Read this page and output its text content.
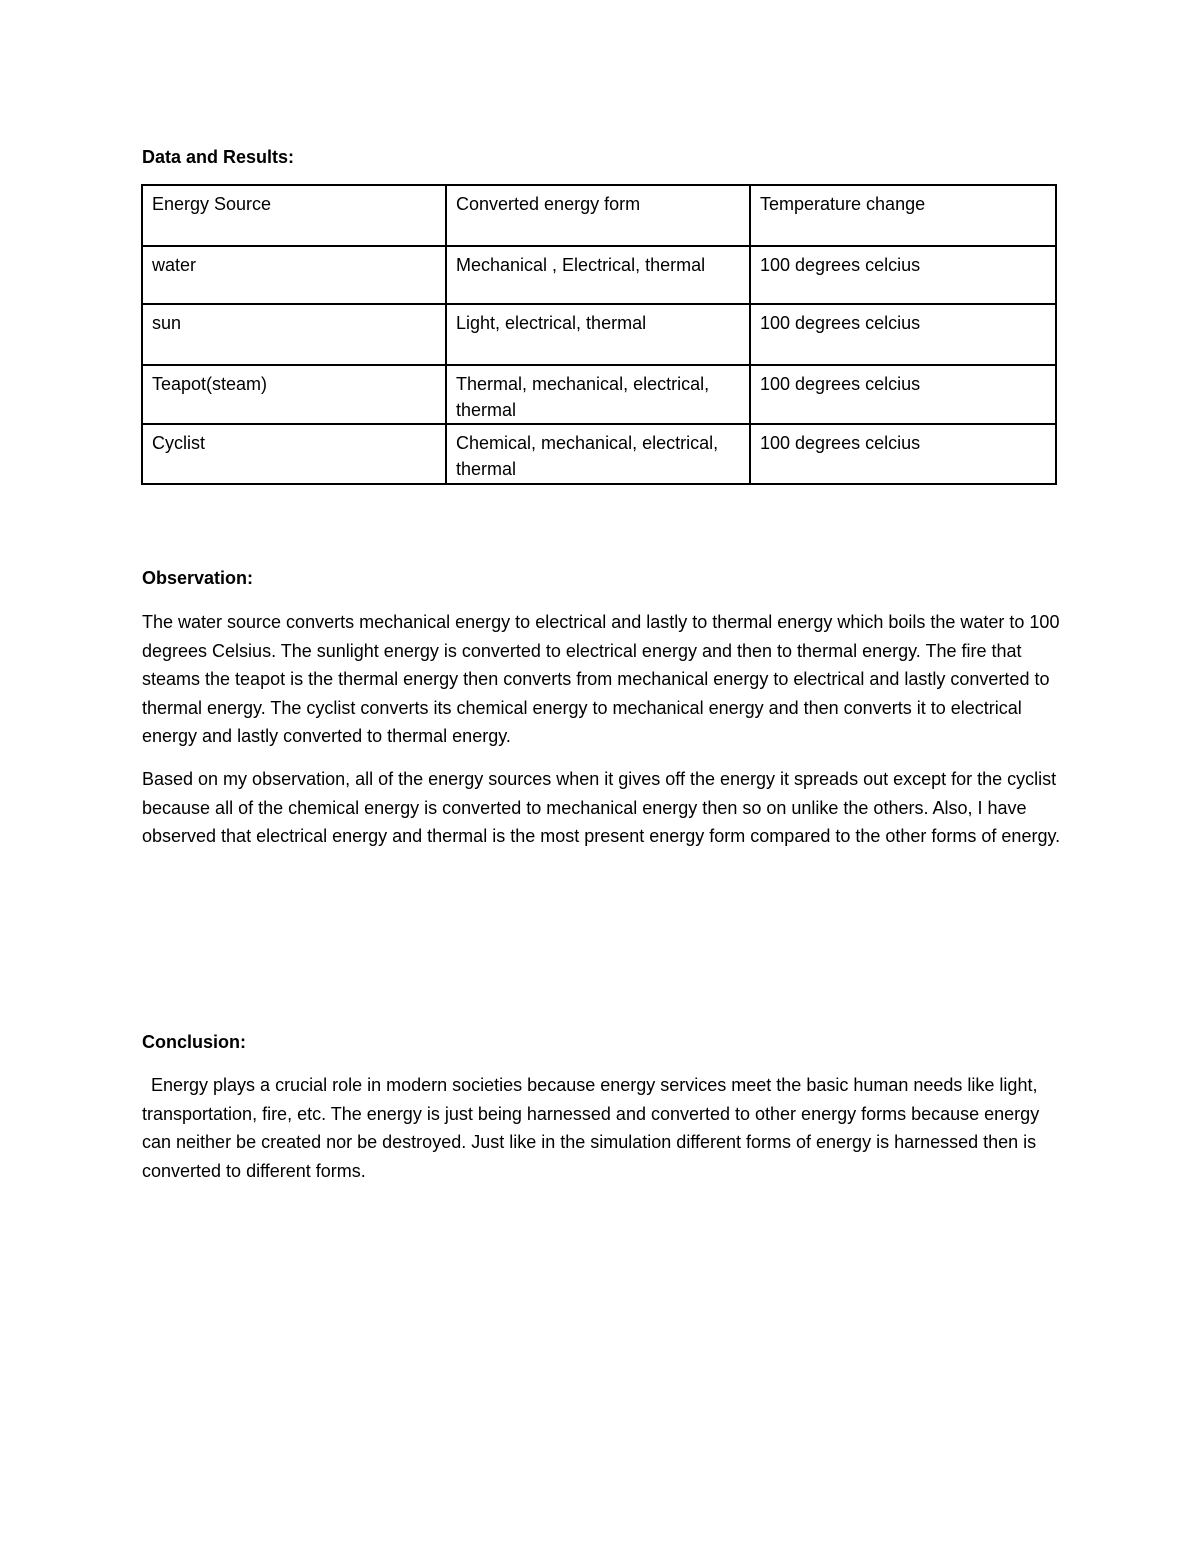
Data and Results:
Energy Source	Converted energy form	Temperature change
water	Mechanical , Electrical, thermal	100 degrees celcius
sun	Light, electrical, thermal	100 degrees celcius
Teapot(steam)	Thermal, mechanical, electrical, thermal	100 degrees celcius
Cyclist	Chemical, mechanical, electrical, thermal	100 degrees celcius
Observation:

The water source converts mechanical energy to electrical and lastly to thermal energy which boils the water to 100 degrees Celsius. The sunlight energy is converted to electrical energy and then to thermal energy. The fire that steams the teapot is the thermal energy then converts from mechanical energy to electrical and lastly converted to thermal energy. The cyclist converts its chemical energy to mechanical energy and then converts it to electrical energy and lastly converted to thermal energy.

Based on my observation, all of the energy sources when it gives off the energy it spreads out except for the cyclist because all of the chemical energy is converted to mechanical energy then so on unlike the others. Also, I have observed that electrical energy and thermal is the most present energy form compared to the other forms of energy.

Conclusion:

Energy plays a crucial role in modern societies because energy services meet the basic human needs like light, transportation, fire, etc. The energy is just being harnessed and converted to other energy forms because energy can neither be created nor be destroyed. Just like in the simulation different forms of energy is harnessed then is converted to different forms.
